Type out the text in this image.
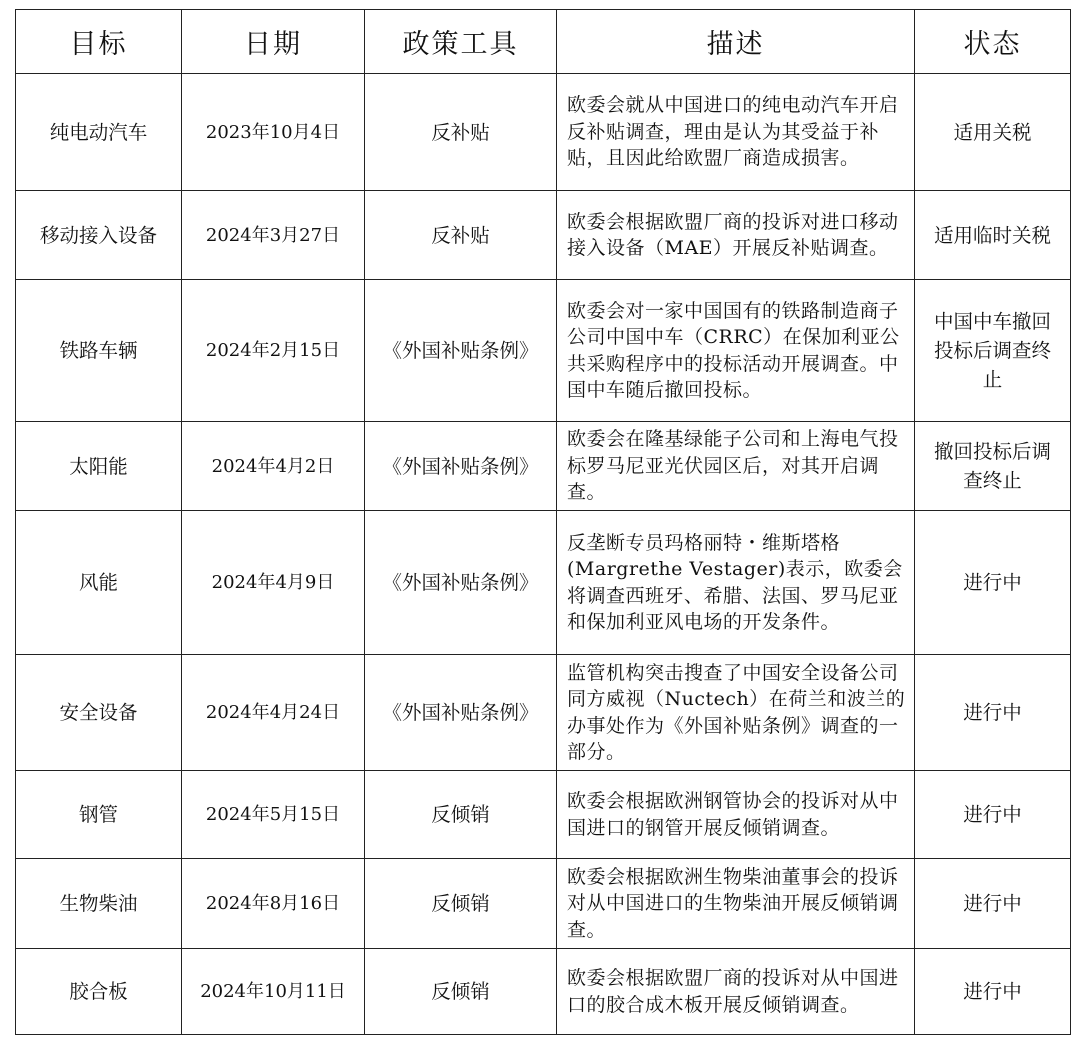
目标	日期	政策工具	描述	状态
纯电动汽车	2023年10月4日	反补贴	欧委会就从中国进口的纯电动汽车开启反补贴调查，理由是认为其受益于补贴，且因此给欧盟厂商造成损害。	适用关税
移动接入设备	2024年3月27日	反补贴	欧委会根据欧盟厂商的投诉对进口移动接入设备（MAE）开展反补贴调查。	适用临时关税
铁路车辆	2024年2月15日	《外国补贴条例》	欧委会对一家中国国有的铁路制造商子公司中国中车（CRRC）在保加利亚公共采购程序中的投标活动开展调查。中国中车随后撤回投标。	中国中车撤回投标后调查终止
太阳能	2024年4月2日	《外国补贴条例》	欧委会在隆基绿能子公司和上海电气投标罗马尼亚光伏园区后，对其开启调查。	撤回投标后调查终止
风能	2024年4月9日	《外国补贴条例》	反垄断专员玛格丽特・维斯塔格(Margrethe Vestager)表示，欧委会将调查西班牙、希腊、法国、罗马尼亚和保加利亚风电场的开发条件。	进行中
安全设备	2024年4月24日	《外国补贴条例》	监管机构突击搜查了中国安全设备公司同方威视（Nuctech）在荷兰和波兰的办事处作为《外国补贴条例》调查的一部分。	进行中
钢管	2024年5月15日	反倾销	欧委会根据欧洲钢管协会的投诉对从中国进口的钢管开展反倾销调查。	进行中
生物柴油	2024年8月16日	反倾销	欧委会根据欧洲生物柴油董事会的投诉对从中国进口的生物柴油开展反倾销调查。	进行中
胶合板	2024年10月11日	反倾销	欧委会根据欧盟厂商的投诉对从中国进口的胶合成木板开展反倾销调查。	进行中
